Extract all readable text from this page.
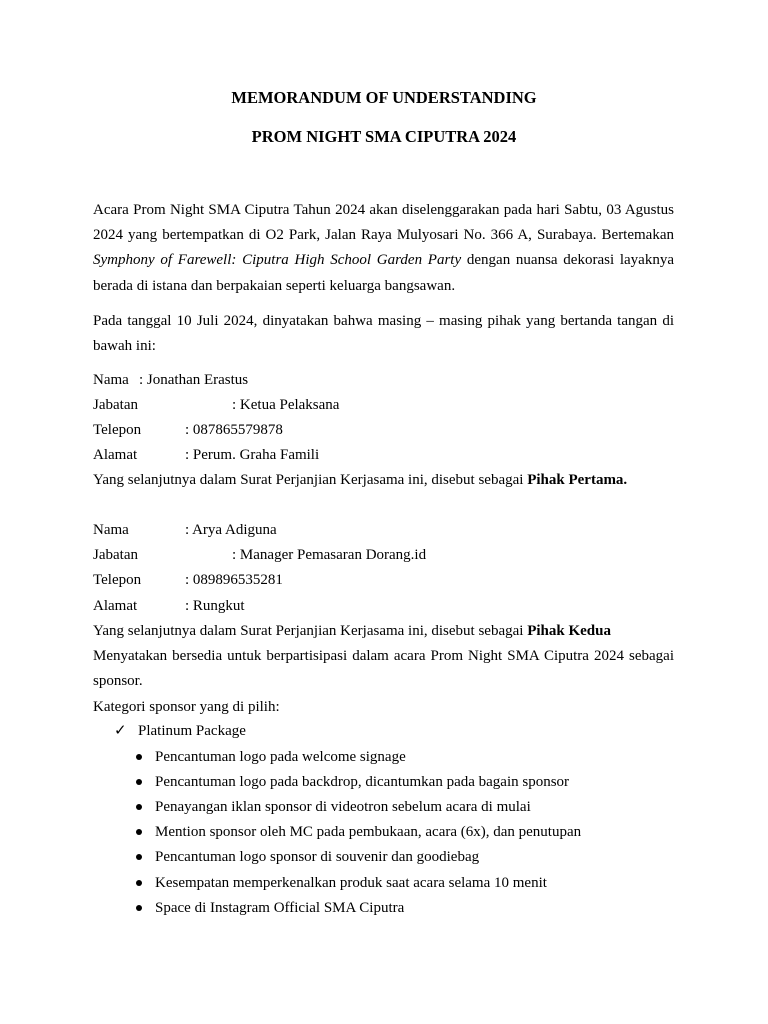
MEMORANDUM OF UNDERSTANDING
PROM NIGHT SMA CIPUTRA 2024

Acara Prom Night SMA Ciputra Tahun 2024 akan diselenggarakan pada hari Sabtu, 03 Agustus 2024 yang bertempatkan di O2 Park, Jalan Raya Mulyosari No. 366 A, Surabaya. Bertemakan Symphony of Farewell: Ciputra High School Garden Party dengan nuansa dekorasi layaknya berada di istana dan berpakaian seperti keluarga bangsawan.

Pada tanggal 10 Juli 2024, dinyatakan bahwa masing – masing pihak yang bertanda tangan di bawah ini:

Nama : Jonathan Erastus
Jabatan	: Ketua Pelaksana
Telepon	: 087865579878
Alamat	: Perum. Graha Famili

Yang selanjutnya dalam Surat Perjanjian Kerjasama ini, disebut sebagai Pihak Pertama.

Nama	: Arya Adiguna
Jabatan	: Manager Pemasaran Dorang.id
Telepon	: 089896535281
Alamat	: Rungkut

Yang selanjutnya dalam Surat Perjanjian Kerjasama ini, disebut sebagai Pihak Kedua

Menyatakan bersedia untuk berpartisipasi dalam acara Prom Night SMA Ciputra 2024 sebagai sponsor.

Kategori sponsor yang di pilih:

✓ Platinum Package
Pencantuman logo pada welcome signage
Pencantuman logo pada backdrop, dicantumkan pada bagain sponsor
Penayangan iklan sponsor di videotron sebelum acara di mulai
Mention sponsor oleh MC pada pembukaan, acara (6x), dan penutupan
Pencantuman logo sponsor di souvenir dan goodiebag
Kesempatan memperkenalkan produk saat acara selama 10 menit
Space di Instagram Official SMA Ciputra
